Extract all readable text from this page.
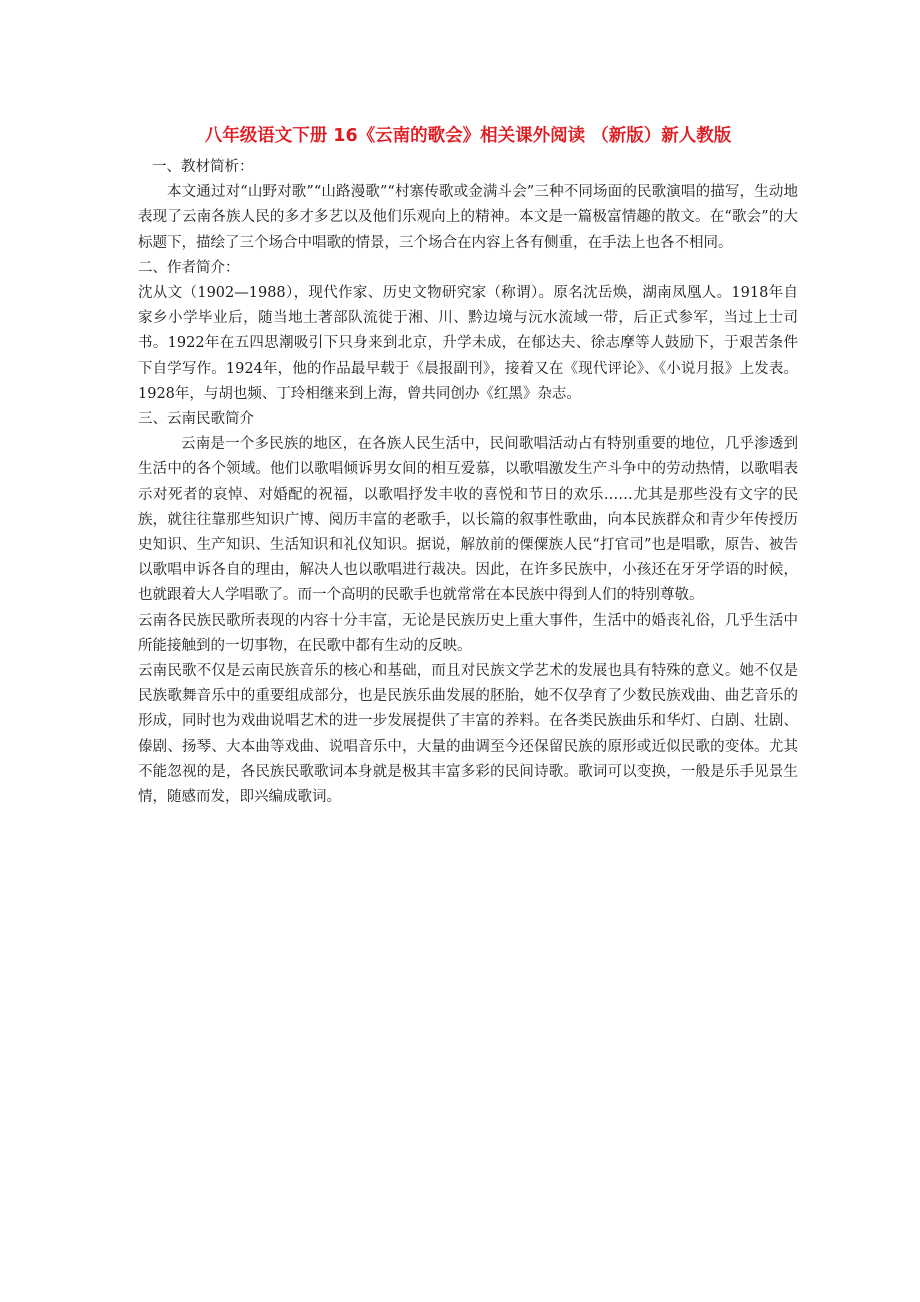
八年级语文下册 16《云南的歌会》相关课外阅读 （新版）新人教版

一、教材简析：

本文通过对“山野对歌”“山路漫歌”“村寨传歌或金满斗会”三种不同场面的民歌演唱的描写，生动地表现了云南各族人民的多才多艺以及他们乐观向上的精神。本文是一篇极富情趣的散文。在“歌会”的大标题下，描绘了三个场合中唱歌的情景，三个场合在内容上各有侧重，在手法上也各不相同。

二、作者简介：

沈从文（1902—1988），现代作家、历史文物研究家（称谓）。原名沈岳焕，湖南凤凰人。1918年自家乡小学毕业后，随当地土著部队流徙于湘、川、黔边境与沅水流域一带，后正式参军，当过上士司书。1922年在五四思潮吸引下只身来到北京，升学未成，在郁达夫、徐志摩等人鼓励下，于艰苦条件下自学写作。1924年，他的作品最早载于《晨报副刊》，接着又在《现代评论》、《小说月报》上发表。1928年，与胡也频、丁玲相继来到上海，曾共同创办《红黑》杂志。

三、云南民歌简介

云南是一个多民族的地区，在各族人民生活中，民间歌唱活动占有特别重要的地位，几乎渗透到生活中的各个领域。他们以歌唱倾诉男女间的相互爱慕，以歌唱激发生产斗争中的劳动热情，以歌唱表示对死者的哀悼、对婚配的祝福，以歌唱抒发丰收的喜悦和节日的欢乐……尤其是那些没有文字的民族，就往往靠那些知识广博、阅历丰富的老歌手，以长篇的叙事性歌曲，向本民族群众和青少年传授历史知识、生产知识、生活知识和礼仪知识。据说，解放前的傈僳族人民“打官司”也是唱歌，原告、被告以歌唱申诉各自的理由，解决人也以歌唱进行裁决。因此，在许多民族中，小孩还在牙牙学语的时候，也就跟着大人学唱歌了。而一个高明的民歌手也就常常在本民族中得到人们的特别尊敬。

云南各民族民歌所表现的内容十分丰富，无论是民族历史上重大事件，生活中的婚丧礼俗，几乎生活中所能接触到的一切事物，在民歌中都有生动的反映。

云南民歌不仅是云南民族音乐的核心和基础，而且对民族文学艺术的发展也具有特殊的意义。她不仅是民族歌舞音乐中的重要组成部分，也是民族乐曲发展的胚胎，她不仅孕育了少数民族戏曲、曲艺音乐的形成，同时也为戏曲说唱艺术的进一步发展提供了丰富的养料。在各类民族曲乐和华灯、白剧、壮剧、傣剧、扬琴、大本曲等戏曲、说唱音乐中，大量的曲调至今还保留民族的原形或近似民歌的变体。尤其不能忽视的是，各民族民歌歌词本身就是极其丰富多彩的民间诗歌。歌词可以变换，一般是乐手见景生情，随感而发，即兴编成歌词。
